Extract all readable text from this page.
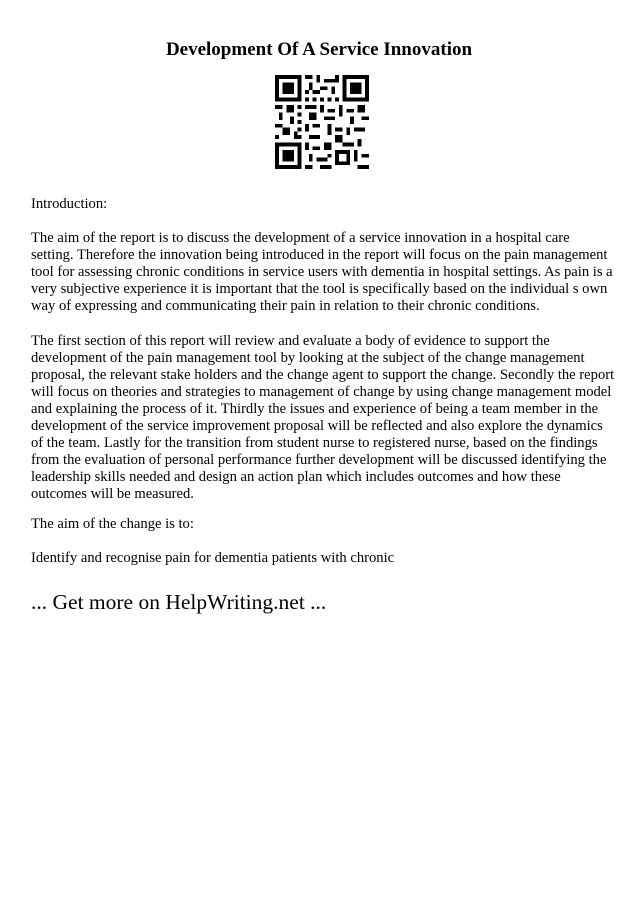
Development Of A Service Innovation

Introduction:

The aim of the report is to discuss the development of a service innovation in a hospital care setting. Therefore the innovation being introduced in the report will focus on the pain management tool for assessing chronic conditions in service users with dementia in hospital settings. As pain is a very subjective experience it is important that the tool is specifically based on the individual s own way of expressing and communicating their pain in relation to their chronic conditions.

The first section of this report will review and evaluate a body of evidence to support the development of the pain management tool by looking at the subject of the change management proposal, the relevant stake holders and the change agent to support the change. Secondly the report will focus on theories and strategies to management of change by using change management model and explaining the process of it. Thirdly the issues and experience of being a team member in the development of the service improvement proposal will be reflected and also explore the dynamics of the team. Lastly for the transition from student nurse to registered nurse, based on the findings from the evaluation of personal performance further development will be discussed identifying the leadership skills needed and design an action plan which includes outcomes and how these outcomes will be measured.

The aim of the change is to:

Identify and recognise pain for dementia patients with chronic

... Get more on HelpWriting.net ...
